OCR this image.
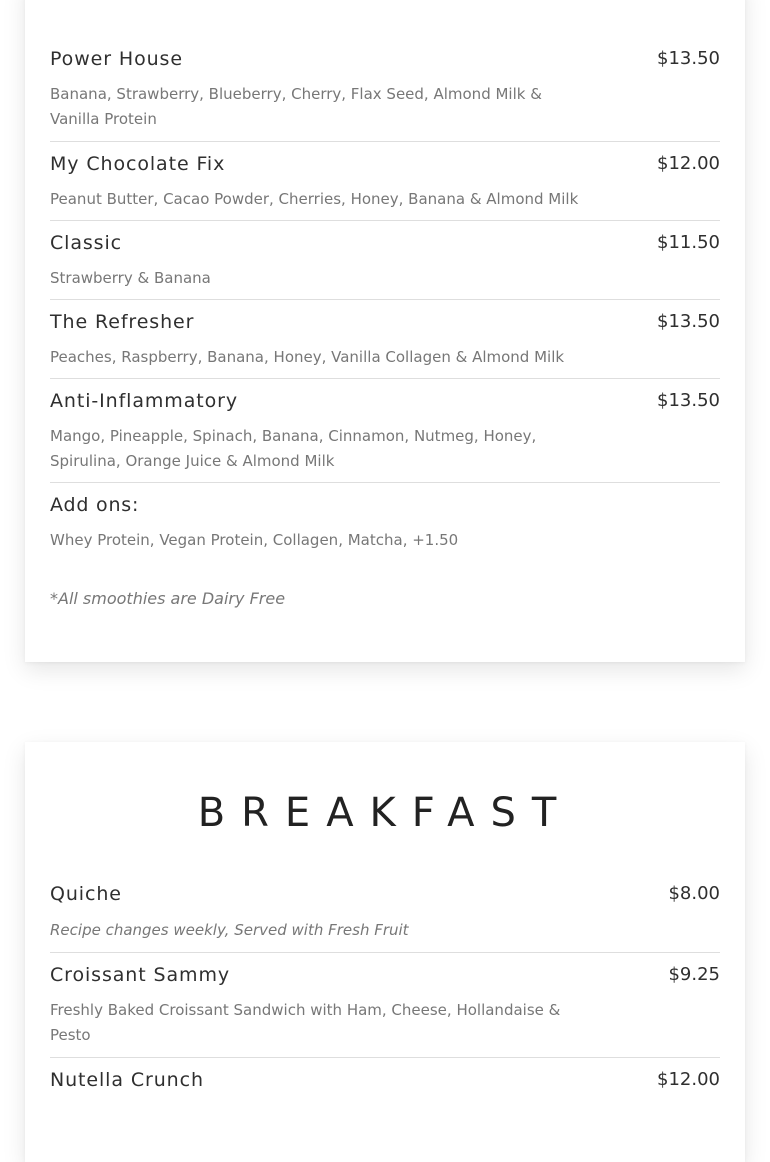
Power House	$13.50
Banana, Strawberry, Blueberry, Cherry, Flax Seed, Almond Milk & Vanilla Protein
My Chocolate Fix	$12.00
Peanut Butter, Cacao Powder, Cherries, Honey, Banana & Almond Milk
Classic	$11.50
Strawberry & Banana
The Refresher	$13.50
Peaches, Raspberry, Banana, Honey, Vanilla Collagen & Almond Milk
Anti-Inflammatory	$13.50
Mango, Pineapple, Spinach, Banana, Cinnamon, Nutmeg, Honey, Spirulina, Orange Juice & Almond Milk
Add ons:
Whey Protein, Vegan Protein, Collagen, Matcha, +1.50
*All smoothies are Dairy Free
BREAKFAST
Quiche	$8.00
Recipe changes weekly, Served with Fresh Fruit
Croissant Sammy	$9.25
Freshly Baked Croissant Sandwich with Ham, Cheese, Hollandaise & Pesto
Nutella Crunch	$12.00
